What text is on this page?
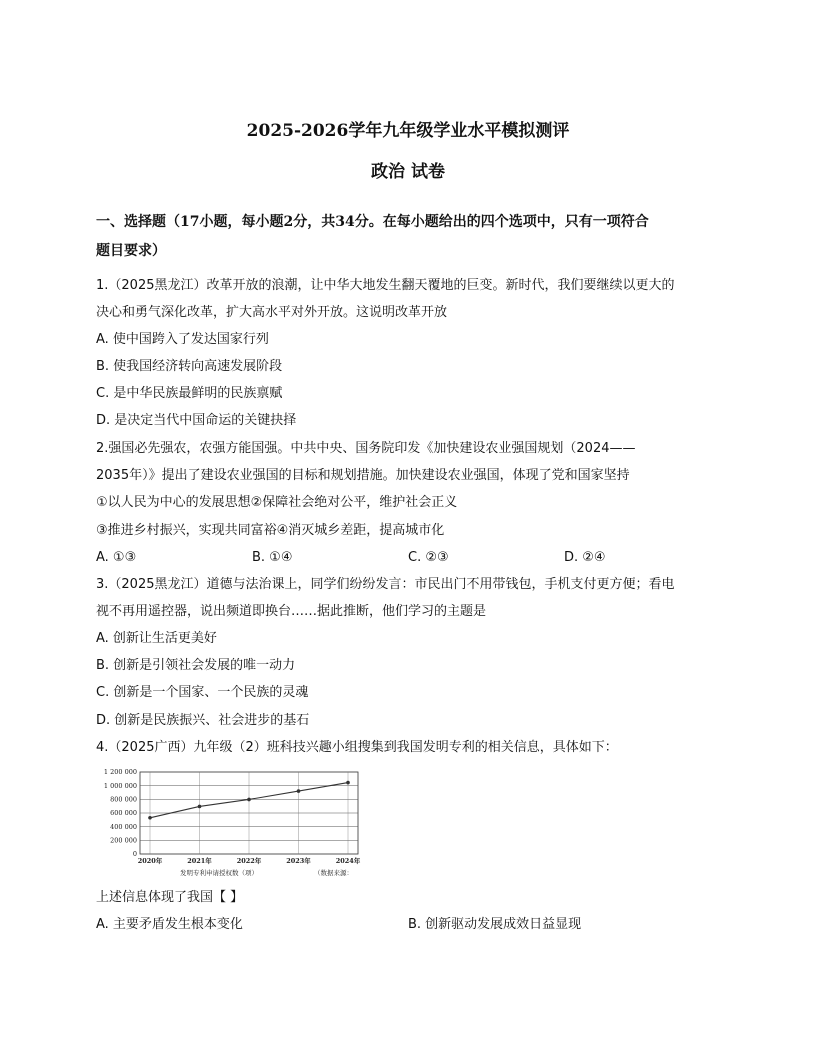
2025-2026学年九年级学业水平模拟测评
政治 试卷
一、选择题（17小题，每小题2分，共34分。在每小题给出的四个选项中，只有一项符合
题目要求）
1.（2025黑龙江）改革开放的浪潮，让中华大地发生翻天覆地的巨变。新时代，我们要继续以更大的
决心和勇气深化改革，扩大高水平对外开放。这说明改革开放
A. 使中国跨入了发达国家行列
B. 使我国经济转向高速发展阶段
C. 是中华民族最鲜明的民族禀赋
D. 是决定当代中国命运的关键抉择
2.强国必先强农，农强方能国强。中共中央、国务院印发《加快建设农业强国规划（2024——
2035年）》提出了建设农业强国的目标和规划措施。加快建设农业强国，体现了党和国家坚持
①以人民为中心的发展思想②保障社会绝对公平，维护社会正义
③推进乡村振兴，实现共同富裕④消灭城乡差距，提高城市化
A. ①③	B. ①④	C. ②③	D. ②④
3.（2025黑龙江）道德与法治课上，同学们纷纷发言：市民出门不用带钱包，手机支付更方便；看电
视不再用遥控器，说出频道即换台……据此推断，他们学习的主题是
A. 创新让生活更美好
B. 创新是引领社会发展的唯一动力
C. 创新是一个国家、一个民族的灵魂
D. 创新是民族振兴、社会进步的基石
4.（2025广西）九年级（2）班科技兴趣小组搜集到我国发明专利的相关信息，具体如下：
1 200 000
1 000 000
800 000
600 000
400 000
200 000
0
2020年	2021年	2022年	2023年	2024年
发明专利申请授权数（项）	（数据来源：
上述信息体现了我国【 】
A. 主要矛盾发生根本变化	B. 创新驱动发展成效日益显现
